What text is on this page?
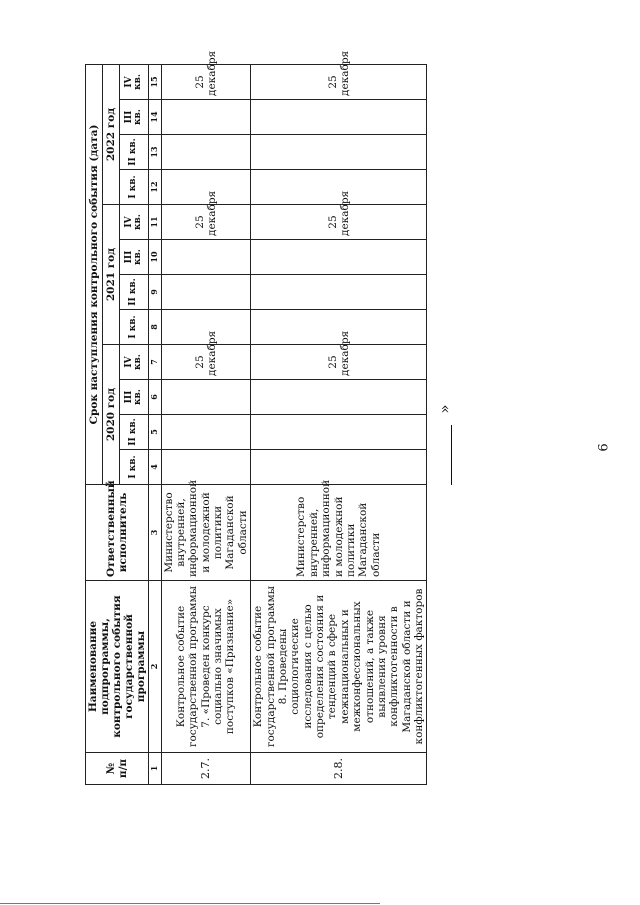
6
»
№ п/п	Наименование подпрограммы, контрольного события государственной программы	Ответственный исполнитель	Срок наступления контрольного события (дата)											
			2020 год				2021 год				2022 год			
			I кв.	II кв.	III кв.	IV кв.	I кв.	II кв.	III кв.	IV кв.	I кв.	II кв.	III кв.	IV кв.
1	2	3	4	5	6	7	8	9	10	11	12	13	14	15
2.7.	Контрольное событие государственной программы 7. «Проведен конкурс социально значимых поступков «Признание»	Министерство внутренней, информационной и молодежной политики Магаданской области				25 декабря				25 декабря				25 декабря
2.8.	Контрольное событие государственной программы 8. Проведены социологические исследования с целью определения состояния и тенденций в сфере межнациональных и межконфессиональных отношений, а также выявления уровня конфликтогенности в Магаданской области и конфликтогенных факторов	Министерство внутренней, информационной и молодежной политики Магаданской области				25 декабря				25 декабря				25 декабря
